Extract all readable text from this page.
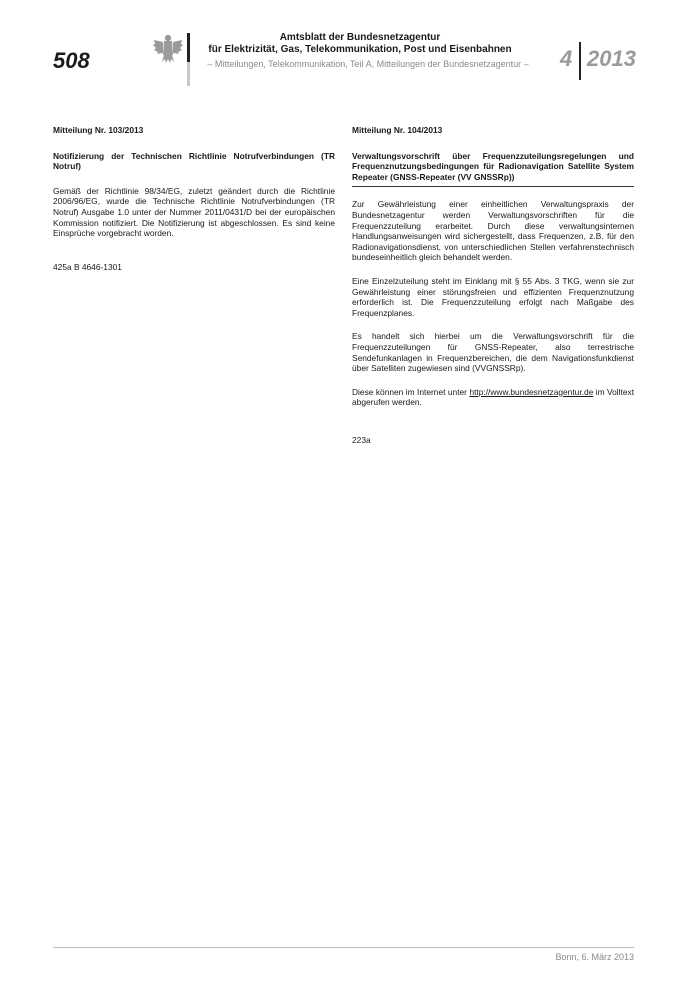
508
Amtsblatt der Bundesnetzagentur
für Elektrizität, Gas, Telekommunikation, Post und Eisenbahnen
– Mitteilungen, Telekommunikation, Teil A, Mitteilungen der Bundesnetzagentur –	4 2013
Mitteilung Nr. 103/2013
Notifizierung der Technischen Richtlinie Notrufverbindungen (TR Notruf)

Gemäß der Richtlinie 98/34/EG, zuletzt geändert durch die Richtlinie 2006/96/EG, wurde die Technische Richtlinie Notrufverbindungen (TR Notruf) Ausgabe 1.0 unter der Nummer 2011/0431/D bei der europäischen Kommission notifiziert. Die Notifizierung ist abgeschlossen. Es sind keine Einsprüche vorgebracht worden.

425a B 4646-1301
Mitteilung Nr. 104/2013
Verwaltungsvorschrift über Frequenzzuteilungsregelungen und Frequenznutzungsbedingungen für Radionavigation Satellite System Repeater (GNSS-Repeater (VV GNSSRp))

Zur Gewährleistung einer einheitlichen Verwaltungspraxis der Bundesnetzagentur werden Verwaltungsvorschriften für die Frequenzzuteilung erarbeitet. Durch diese verwaltungsinternen Handlungsanweisungen wird sichergestellt, dass Frequenzen, z.B. für den Radionavigationsdienst, von unterschiedlichen Stellen verfahrenstechnisch bundeseinheitlich gleich behandelt werden.

Eine Einzelzuteilung steht im Einklang mit § 55 Abs. 3 TKG, wenn sie zur Gewährleistung einer störungsfreien und effizienten Frequenznutzung erforderlich ist. Die Frequenzzuteilung erfolgt nach Maßgabe des Frequenzplanes.

Es handelt sich hierbei um die Verwaltungsvorschrift für die Frequenzzuteilungen für GNSS-Repeater, also terrestrische Sendefunkanlagen in Frequenzbereichen, die dem Navigationsfunkdienst über Satelliten zugewiesen sind (VVGNSSRp).

Diese können im Internet unter http://www.bundesnetzagentur.de im Volltext abgerufen werden.

223a
Bonn, 6. März 2013
